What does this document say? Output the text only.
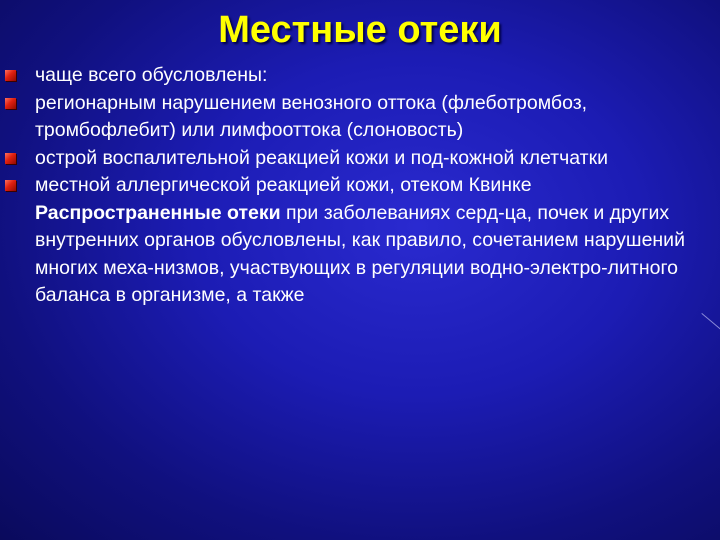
Местные отеки
чаще всего обусловлены:
регионарным нарушением венозного оттока (флеботромбоз, тромбофлебит) или лимфооттока (слоновость)
острой воспалительной реакцией кожи и под-кожной клетчатки
местной аллергической реакцией кожи, отеком Квинке
Распространенные отеки при заболеваниях серд-ца, почек и других внутренних органов обусловлены, как правило, сочетанием нарушений многих меха-низмов, участвующих в регуляции водно-электро-литного баланса в организме, а также
